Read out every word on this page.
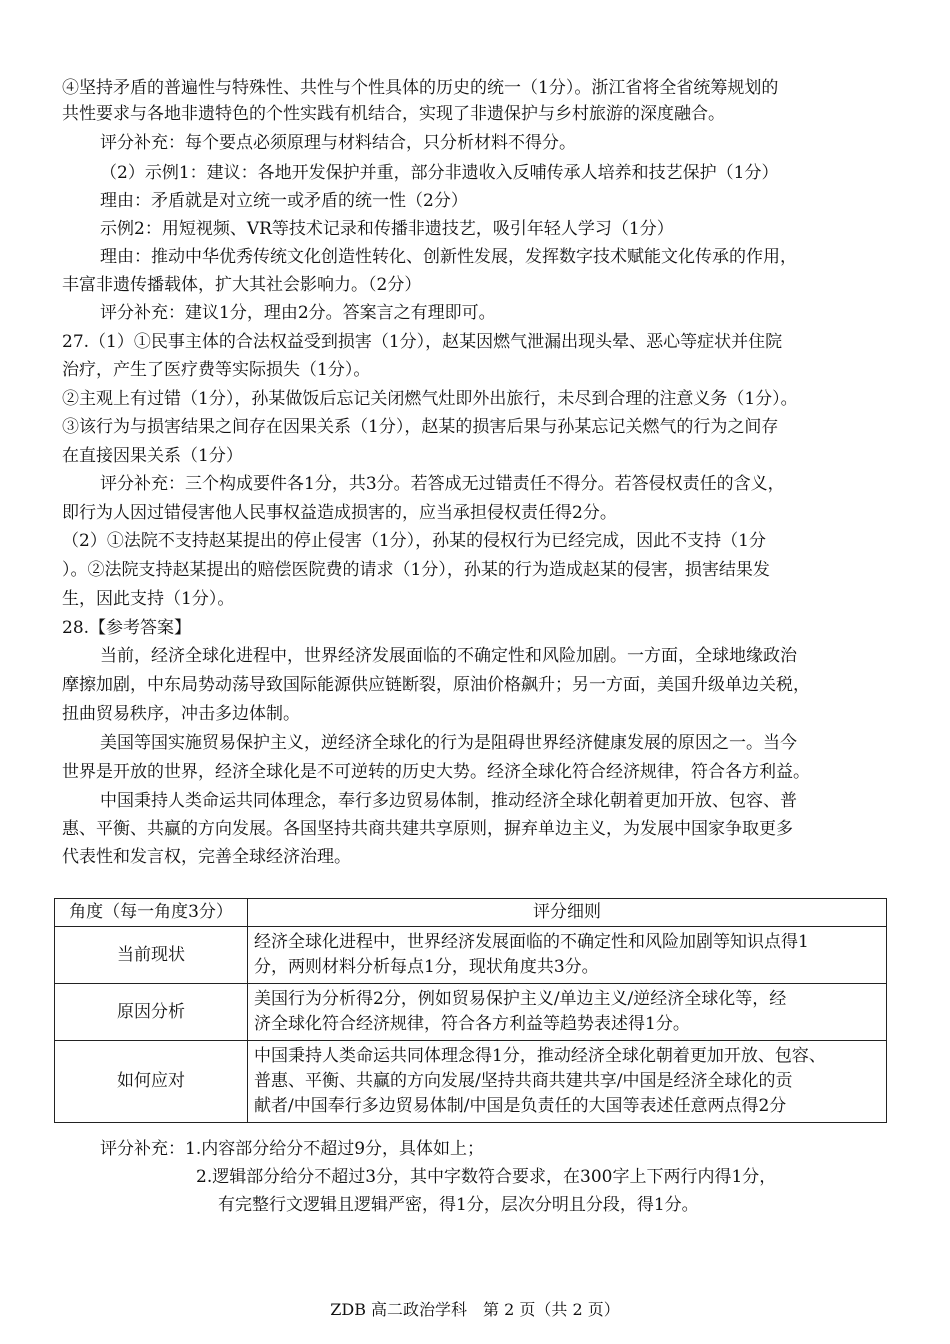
④坚持矛盾的普遍性与特殊性、共性与个性具体的历史的统一（1分）。浙江省将全省统筹规划的
共性要求与各地非遗特色的个性实践有机结合，实现了非遗保护与乡村旅游的深度融合。
评分补充：每个要点必须原理与材料结合，只分析材料不得分。
（2）示例1：建议：各地开发保护并重，部分非遗收入反哺传承人培养和技艺保护（1分）
理由：矛盾就是对立统一或矛盾的统一性（2分）
示例2：用短视频、VR等技术记录和传播非遗技艺，吸引年轻人学习（1分）
理由：推动中华优秀传统文化创造性转化、创新性发展，发挥数字技术赋能文化传承的作用，
丰富非遗传播载体，扩大其社会影响力。（2分）
评分补充：建议1分，理由2分。答案言之有理即可。
27.（1）①民事主体的合法权益受到损害（1分），赵某因燃气泄漏出现头晕、恶心等症状并住院
治疗，产生了医疗费等实际损失（1分）。
②主观上有过错（1分），孙某做饭后忘记关闭燃气灶即外出旅行，未尽到合理的注意义务（1分）。
③该行为与损害结果之间存在因果关系（1分），赵某的损害后果与孙某忘记关燃气的行为之间存
在直接因果关系（1分）
评分补充：三个构成要件各1分，共3分。若答成无过错责任不得分。若答侵权责任的含义，
即行为人因过错侵害他人民事权益造成损害的，应当承担侵权责任得2分。
（2）①法院不支持赵某提出的停止侵害（1分），孙某的侵权行为已经完成，因此不支持（1分
）。②法院支持赵某提出的赔偿医院费的请求（1分），孙某的行为造成赵某的侵害，损害结果发
生，因此支持（1分）。
28.【参考答案】
当前，经济全球化进程中，世界经济发展面临的不确定性和风险加剧。一方面，全球地缘政治
摩擦加剧，中东局势动荡导致国际能源供应链断裂，原油价格飙升；另一方面，美国升级单边关税，
扭曲贸易秩序，冲击多边体制。
美国等国实施贸易保护主义，逆经济全球化的行为是阻碍世界经济健康发展的原因之一。当今
世界是开放的世界，经济全球化是不可逆转的历史大势。经济全球化符合经济规律，符合各方利益。
中国秉持人类命运共同体理念，奉行多边贸易体制，推动经济全球化朝着更加开放、包容、普
惠、平衡、共赢的方向发展。各国坚持共商共建共享原则，摒弃单边主义，为发展中国家争取更多
代表性和发言权，完善全球经济治理。
角度（每一角度3分）	评分细则
当前现状	经济全球化进程中，世界经济发展面临的不确定性和风险加剧等知识点得1
分，两则材料分析每点1分，现状角度共3分。

原因分析	美国行为分析得2分，例如贸易保护主义/单边主义/逆经济全球化等，经
济全球化符合经济规律，符合各方利益等趋势表述得1分。

如何应对	中国秉持人类命运共同体理念得1分，推动经济全球化朝着更加开放、包容、
普惠、平衡、共赢的方向发展/坚持共商共建共享/中国是经济全球化的贡
献者/中国奉行多边贸易体制/中国是负责任的大国等表述任意两点得2分
评分补充：1.内容部分给分不超过9分，具体如上；
2.逻辑部分给分不超过3分，其中字数符合要求，在300字上下两行内得1分，
有完整行文逻辑且逻辑严密，得1分，层次分明且分段，得1分。
ZDB 高二政治学科　第 2 页（共 2 页）
